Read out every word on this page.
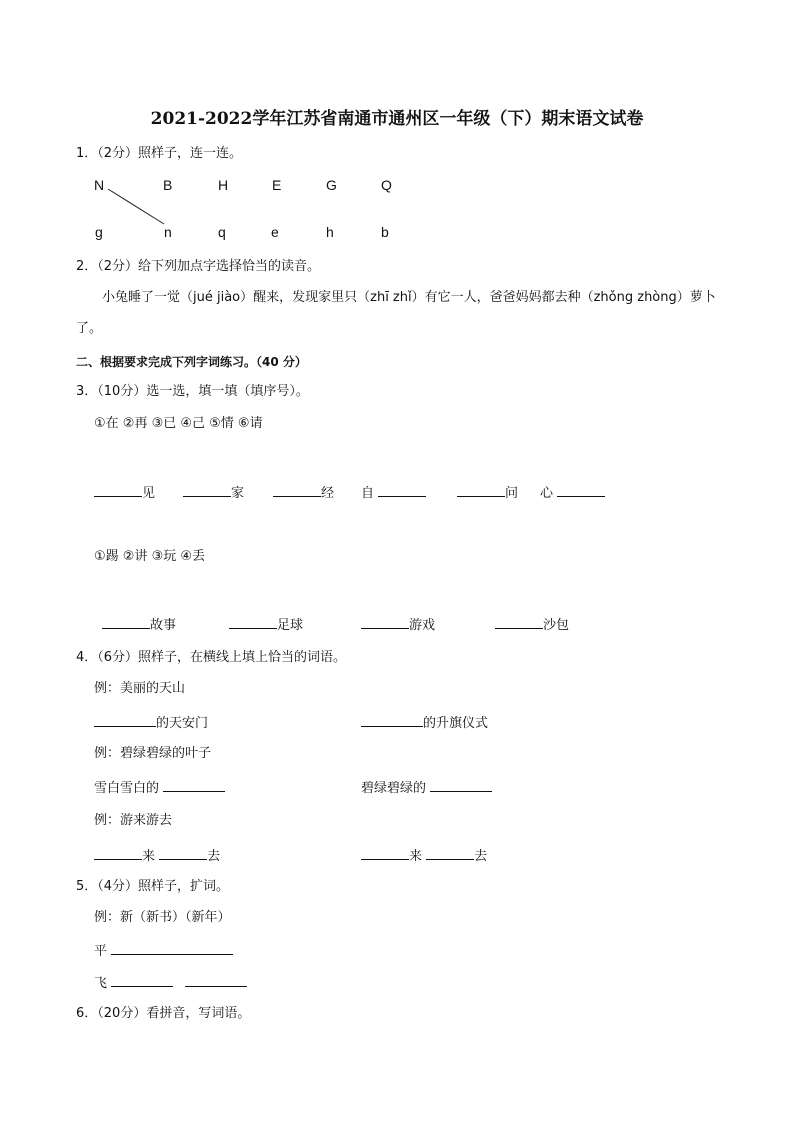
2021-2022学年江苏省南通市通州区一年级（下）期末语文试卷
1．（2分）照样子，连一连。
N	B	H	E	G	Q
g	n	q	e	h	b
2．（2分）给下列加点字选择恰当的读音。
小兔睡了一觉（jué jiào）醒来，发现家里只（zhī zhǐ）有它一人，爸爸妈妈都去种（zhǒng zhòng）萝卜了。
二、根据要求完成下列字词练习。（40 分）
3．（10分）选一选，填一填（填序号）。
①在 ②再 ③已 ④己 ⑤情 ⑥请
见	家	经 自	问 心
①踢 ②讲 ③玩 ④丢
故事	足球	游戏	沙包
4．（6分）照样子，在横线上填上恰当的词语。
例：美丽的天山
的天安门	的升旗仪式
例：碧绿碧绿的叶子
雪白雪白的	碧绿碧绿的
例：游来游去
来	去	来	去
5．（4分）照样子，扩词。
例：新（新书）（新年）
平
飞
6．（20分）看拼音，写词语。
